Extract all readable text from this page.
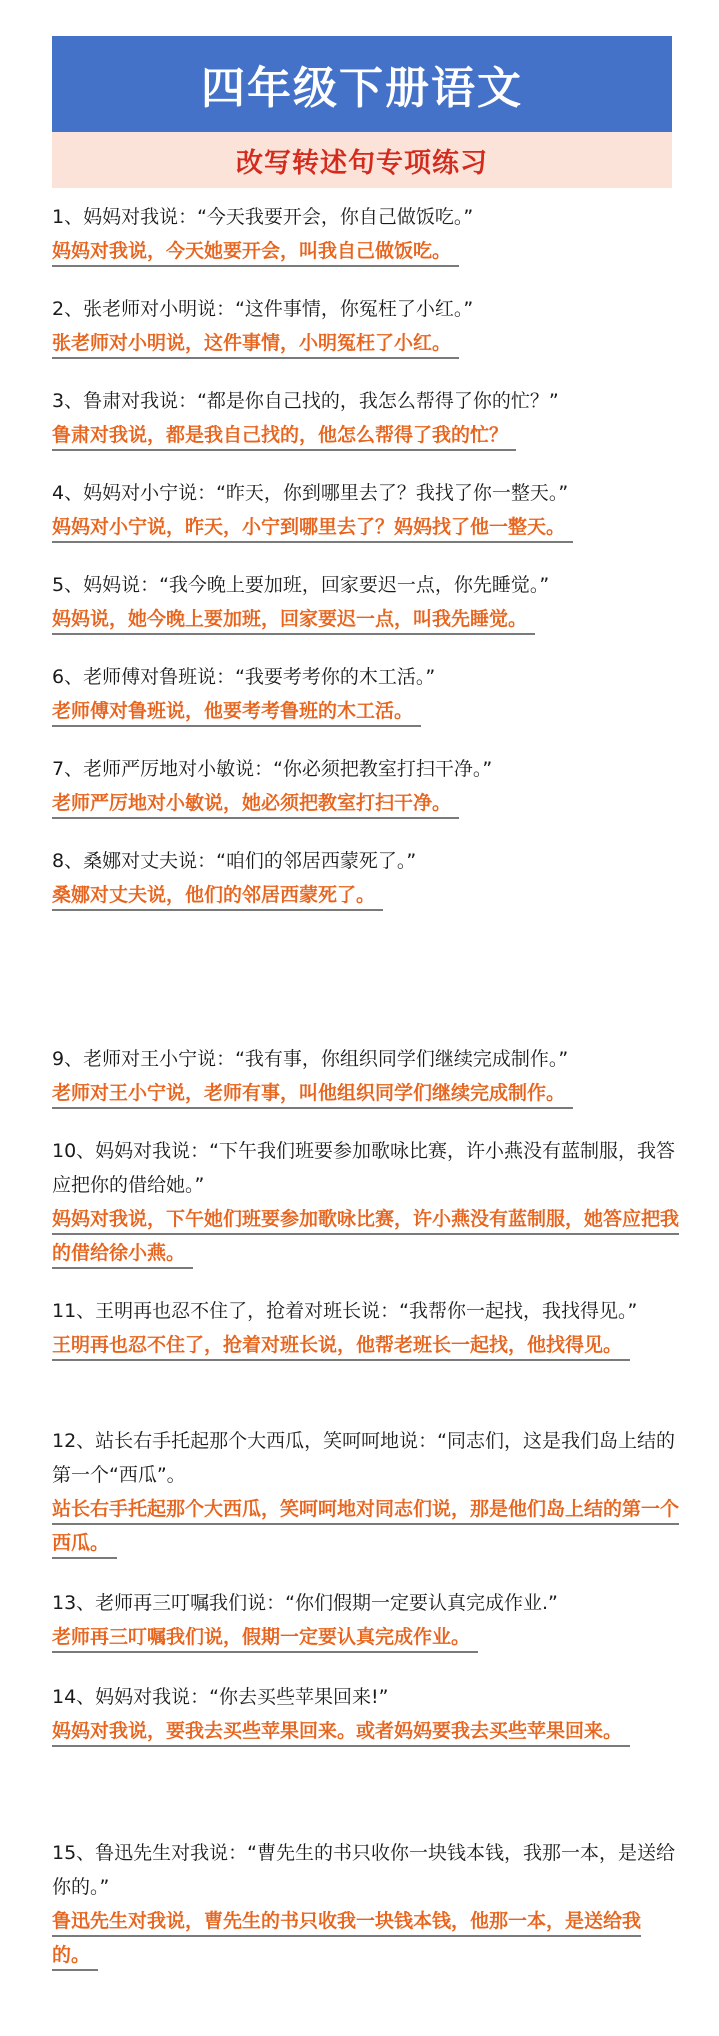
四年级下册语文
改写转述句专项练习

1、妈妈对我说：“今天我要开会，你自己做饭吃。”

妈妈对我说，今天她要开会，叫我自己做饭吃。

2、张老师对小明说：“这件事情，你冤枉了小红。”

张老师对小明说，这件事情，小明冤枉了小红。

3、鲁肃对我说：“都是你自己找的，我怎么帮得了你的忙？”

鲁肃对我说，都是我自己找的，他怎么帮得了我的忙？

4、妈妈对小宁说：“昨天，你到哪里去了？我找了你一整天。”

妈妈对小宁说，昨天，小宁到哪里去了？妈妈找了他一整天。

5、妈妈说：“我今晚上要加班，回家要迟一点，你先睡觉。”

妈妈说，她今晚上要加班，回家要迟一点，叫我先睡觉。

6、老师傅对鲁班说：“我要考考你的木工活。”

老师傅对鲁班说，他要考考鲁班的木工活。

7、老师严厉地对小敏说：“你必须把教室打扫干净。”

老师严厉地对小敏说，她必须把教室打扫干净。

8、桑娜对丈夫说：“咱们的邻居西蒙死了。”

桑娜对丈夫说，他们的邻居西蒙死了。

9、老师对王小宁说：“我有事，你组织同学们继续完成制作。”

老师对王小宁说，老师有事，叫他组织同学们继续完成制作。

10、妈妈对我说：“下午我们班要参加歌咏比赛，许小燕没有蓝制服，我答应把你的借给她。”

妈妈对我说，下午她们班要参加歌咏比赛，许小燕没有蓝制服，她答应把我的借给徐小燕。

11、王明再也忍不住了，抢着对班长说：“我帮你一起找，我找得见。”

王明再也忍不住了，抢着对班长说，他帮老班长一起找，他找得见。

12、站长右手托起那个大西瓜，笑呵呵地说：“同志们，这是我们岛上结的第一个“西瓜”。

站长右手托起那个大西瓜，笑呵呵地对同志们说，那是他们岛上结的第一个西瓜。

13、老师再三叮嘱我们说：“你们假期一定要认真完成作业.”

老师再三叮嘱我们说，假期一定要认真完成作业。

14、妈妈对我说：“你去买些苹果回来!”

妈妈对我说，要我去买些苹果回来。或者妈妈要我去买些苹果回来。

15、鲁迅先生对我说：“曹先生的书只收你一块钱本钱，我那一本，是送给你的。”

鲁迅先生对我说，曹先生的书只收我一块钱本钱，他那一本，是送给我的。
